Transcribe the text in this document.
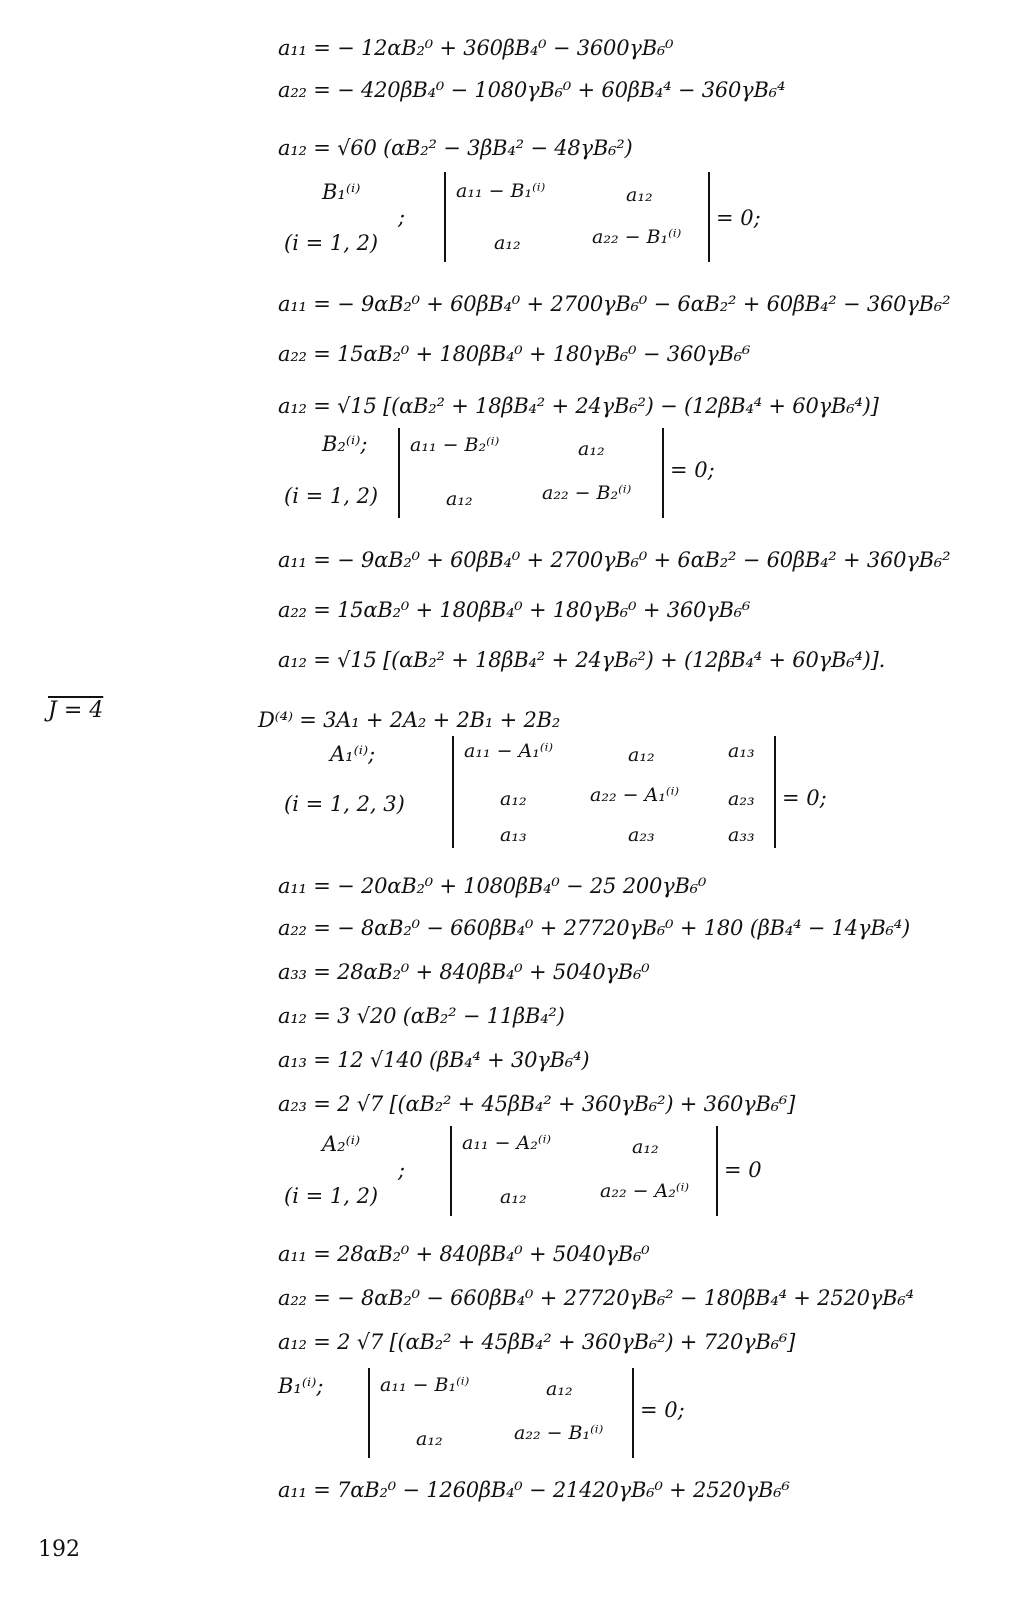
a₁₁ = − 12αB₂⁰ + 360βB₄⁰ − 3600γB₆⁰
a₂₂ = − 420βB₄⁰ − 1080γB₆⁰ + 60βB₄⁴ − 360γB₆⁴
a₁₂ = √60 (αB₂² − 3βB₄² − 48γB₆²)
B₁⁽ⁱ⁾
;
(i = 1, 2)
a₁₁ − B₁⁽ⁱ⁾	a₁₂
a₁₂	a₂₂ − B₁⁽ⁱ⁾
= 0;
a₁₁ = − 9αB₂⁰ + 60βB₄⁰ + 2700γB₆⁰ − 6αB₂² + 60βB₄² − 360γB₆²
a₂₂ = 15αB₂⁰ + 180βB₄⁰ + 180γB₆⁰ − 360γB₆⁶
a₁₂ = √15 [(αB₂² + 18βB₄² + 24γB₆²) − (12βB₄⁴ + 60γB₆⁴)]
B₂⁽ⁱ⁾;
(i = 1, 2)
a₁₁ − B₂⁽ⁱ⁾	a₁₂
a₁₂	a₂₂ − B₂⁽ⁱ⁾
= 0;
a₁₁ = − 9αB₂⁰ + 60βB₄⁰ + 2700γB₆⁰ + 6αB₂² − 60βB₄² + 360γB₆²
a₂₂ = 15αB₂⁰ + 180βB₄⁰ + 180γB₆⁰ + 360γB₆⁶
a₁₂ = √15 [(αB₂² + 18βB₄² + 24γB₆²) + (12βB₄⁴ + 60γB₆⁴)].
J = 4	D⁽⁴⁾ = 3A₁ + 2A₂ + 2B₁ + 2B₂
A₁⁽ⁱ⁾;
(i = 1, 2, 3)
a₁₁ − A₁⁽ⁱ⁾	a₁₂	a₁₃
a₁₂	a₂₂ − A₁⁽ⁱ⁾	a₂₃
a₁₃	a₂₃	a₃₃
= 0;
a₁₁ = − 20αB₂⁰ + 1080βB₄⁰ − 25 200γB₆⁰
a₂₂ = − 8αB₂⁰ − 660βB₄⁰ + 27720γB₆⁰ + 180 (βB₄⁴ − 14γB₆⁴)
a₃₃ = 28αB₂⁰ + 840βB₄⁰ + 5040γB₆⁰
a₁₂ = 3 √20 (αB₂² − 11βB₄²)
a₁₃ = 12 √140 (βB₄⁴ + 30γB₆⁴)
a₂₃ = 2 √7 [(αB₂² + 45βB₄² + 360γB₆²) + 360γB₆⁶]
A₂⁽ⁱ⁾
;
(i = 1, 2)
a₁₁ − A₂⁽ⁱ⁾	a₁₂
a₁₂	a₂₂ − A₂⁽ⁱ⁾
= 0
a₁₁ = 28αB₂⁰ + 840βB₄⁰ + 5040γB₆⁰
a₂₂ = − 8αB₂⁰ − 660βB₄⁰ + 27720γB₆² − 180βB₄⁴ + 2520γB₆⁴
a₁₂ = 2 √7 [(αB₂² + 45βB₄² + 360γB₆²) + 720γB₆⁶]
B₁⁽ⁱ⁾;	a₁₁ − B₁⁽ⁱ⁾	a₁₂
a₁₂	a₂₂ − B₁⁽ⁱ⁾
= 0;
a₁₁ = 7αB₂⁰ − 1260βB₄⁰ − 21420γB₆⁰ + 2520γB₆⁶
192
